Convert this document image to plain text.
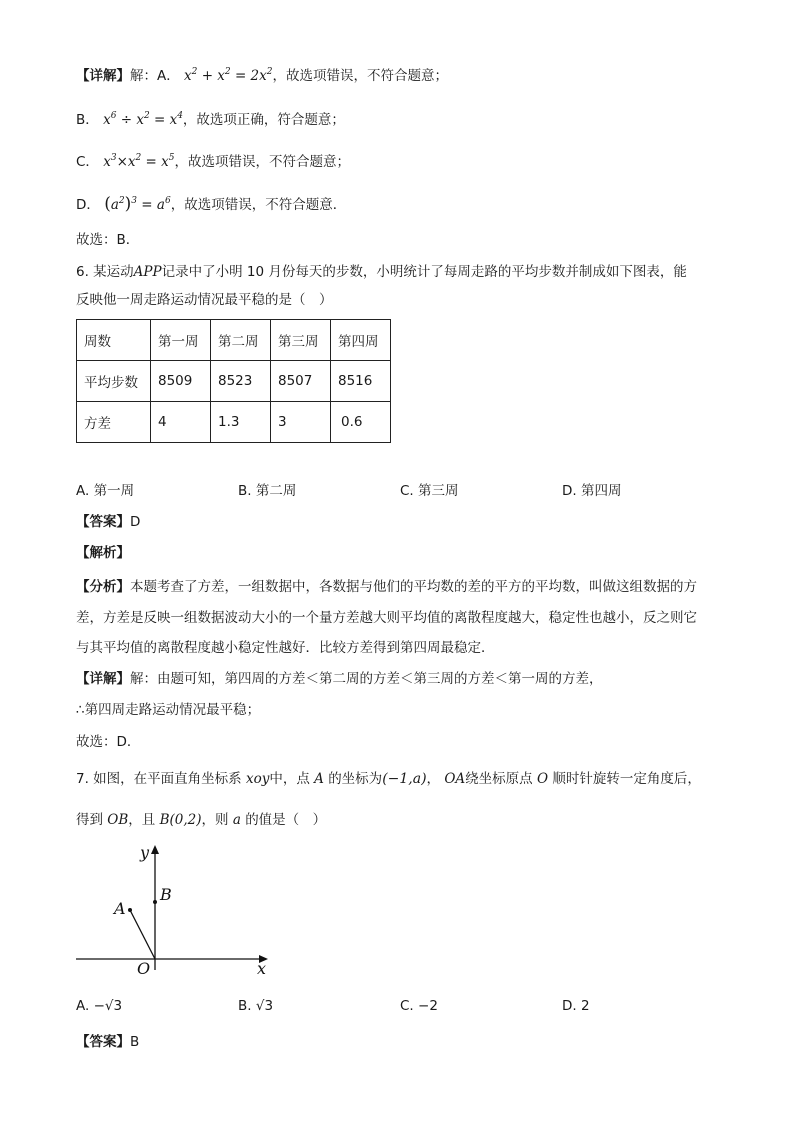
【详解】解：A． $x^2 + x^2 = 2x^2$，故选项错误，不符合题意；
B． $x^6 \div x^2 = x^4$，故选项正确，符合题意；
C． $x^3\times x^2 = x^5$，故选项错误，不符合题意；
D． $(a^2)^3 = a^6$，故选项错误，不符合题意．
故选：B．
6. 某运动APP记录中了小明 10 月份每天的步数，小明统计了每周走路的平均步数并制成如下图表，能
反映他一周走路运动情况最平稳的是（　）
周数	第一周	第二周	第三周	第四周
平均步数	8509	8523	8507	8516
方差	4	1.3	3	0.6
A. 第一周	B. 第二周	C. 第三周	D. 第四周
【答案】D
【解析】
【分析】本题考查了方差，一组数据中，各数据与他们的平均数的差的平方的平均数，叫做这组数据的方
差，方差是反映一组数据波动大小的一个量方差越大则平均值的离散程度越大，稳定性也越小，反之则它
与其平均值的离散程度越小稳定性越好．比较方差得到第四周最稳定．
【详解】解：由题可知，第四周的方差＜第二周的方差＜第三周的方差＜第一周的方差，
∴第四周走路运动情况最平稳；
故选：D．
7. 如图，在平面直角坐标系 xoy中，点 A 的坐标为(−1,a)， OA绕坐标原点 O 顺时针旋转一定角度后，
得到 OB，且 B(0,2)，则 a 的值是（　）
y
x
O
A
B
A. −√3	B. √3	C. −2	D. 2
【答案】B
